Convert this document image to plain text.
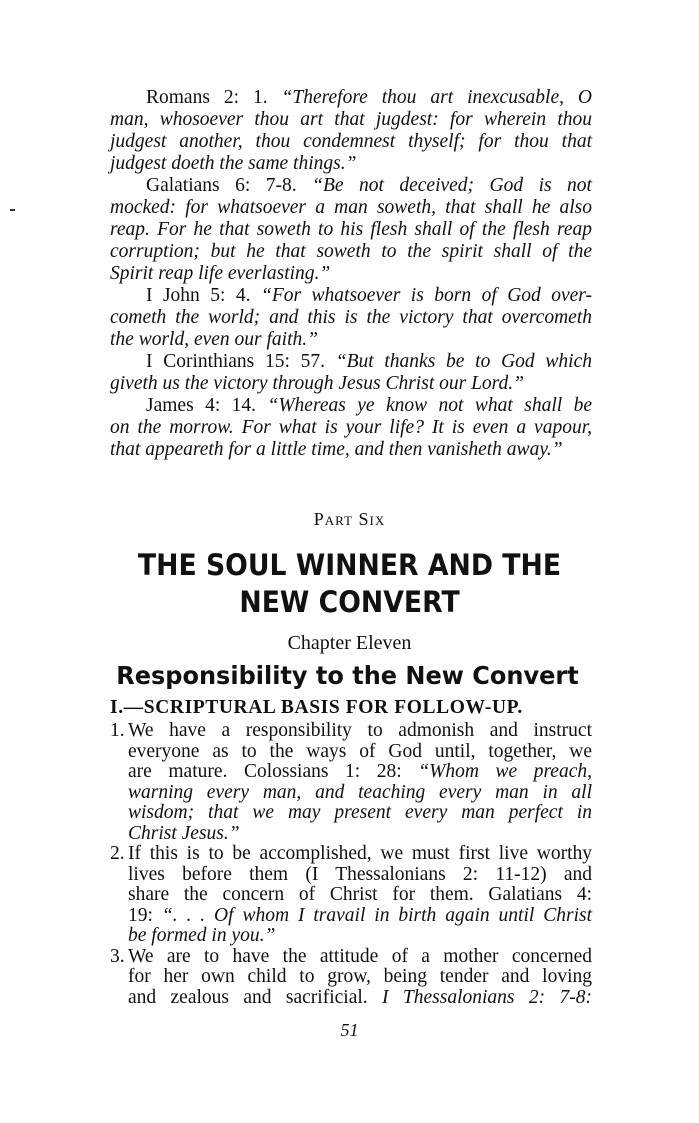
Romans 2: 1. “Therefore thou art inexcusable, O
man, whosoever thou art that jugdest: for wherein thou
judgest another, thou condemnest thyself; for thou that
judgest doeth the same things.”
Galatians 6: 7-8. “Be not deceived; God is not
mocked: for whatsoever a man soweth, that shall he also
reap. For he that soweth to his flesh shall of the flesh reap
corruption; but he that soweth to the spirit shall of the
Spirit reap life everlasting.”
I John 5: 4. “For whatsoever is born of God over-
cometh the world; and this is the victory that overcometh
the world, even our faith.”
I Corinthians 15: 57. “But thanks be to God which
giveth us the victory through Jesus Christ our Lord.”
James 4: 14. “Whereas ye know not what shall be
on the morrow. For what is your life? It is even a vapour,
that appeareth for a little time, and then vanisheth away.”
Part Six
THE SOUL WINNER AND THE
NEW CONVERT
Chapter Eleven
Responsibility to the New Convert
I.—SCRIPTURAL BASIS FOR FOLLOW-UP.
1. We have a responsibility to admonish and instruct
everyone as to the ways of God until, together, we
are mature. Colossians 1: 28: “Whom we preach,
warning every man, and teaching every man in all
wisdom; that we may present every man perfect in
Christ Jesus.”
2. If this is to be accomplished, we must first live worthy
lives before them (I Thessalonians 2: 11-12) and
share the concern of Christ for them. Galatians 4:
19: “. . . Of whom I travail in birth again until Christ
be formed in you.”
3. We are to have the attitude of a mother concerned
for her own child to grow, being tender and loving
and zealous and sacrificial. I Thessalonians 2: 7-8:
51
